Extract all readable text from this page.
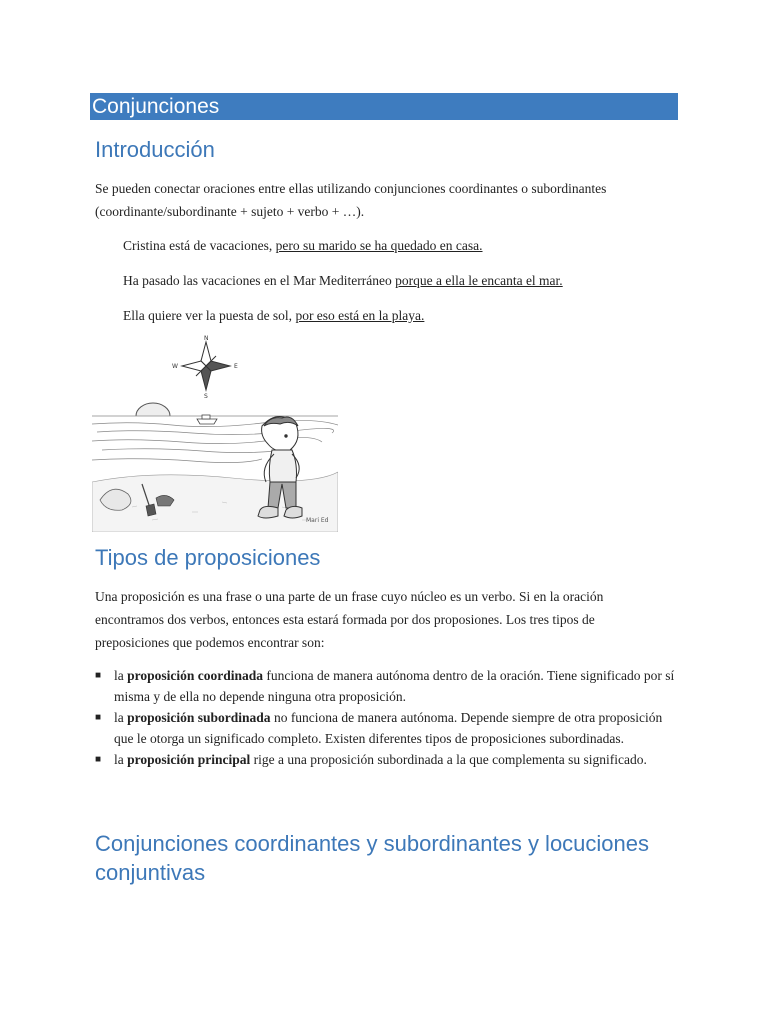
Conjunciones
Introducción

Se pueden conectar oraciones entre ellas utilizando conjunciones coordinantes o subordinantes (coordinante/subordinante + sujeto + verbo + …).

Cristina está de vacaciones, pero su marido se ha quedado en casa.

Ha pasado las vacaciones en el Mar Mediterráneo porque a ella le encanta el mar.

Ella quiere ver la puesta de sol, por eso está en la playa.

N
S
E
W
Mari Ed
Tipos de proposiciones

Una proposición es una frase o una parte de un frase cuyo núcleo es un verbo. Si en la oración encontramos dos verbos, entonces esta estará formada por dos proposiones. Los tres tipos de preposiciones que podemos encontrar son:

■ la proposición coordinada funciona de manera autónoma dentro de la oración. Tiene significado por sí misma y de ella no depende ninguna otra proposición.
■ la proposición subordinada no funciona de manera autónoma. Depende siempre de otra proposición que le otorga un significado completo. Existen diferentes tipos de proposiciones subordinadas.
■ la proposición principal rige a una proposición subordinada a la que complementa su significado.
Conjunciones coordinantes y subordinantes y locuciones conjuntivas
